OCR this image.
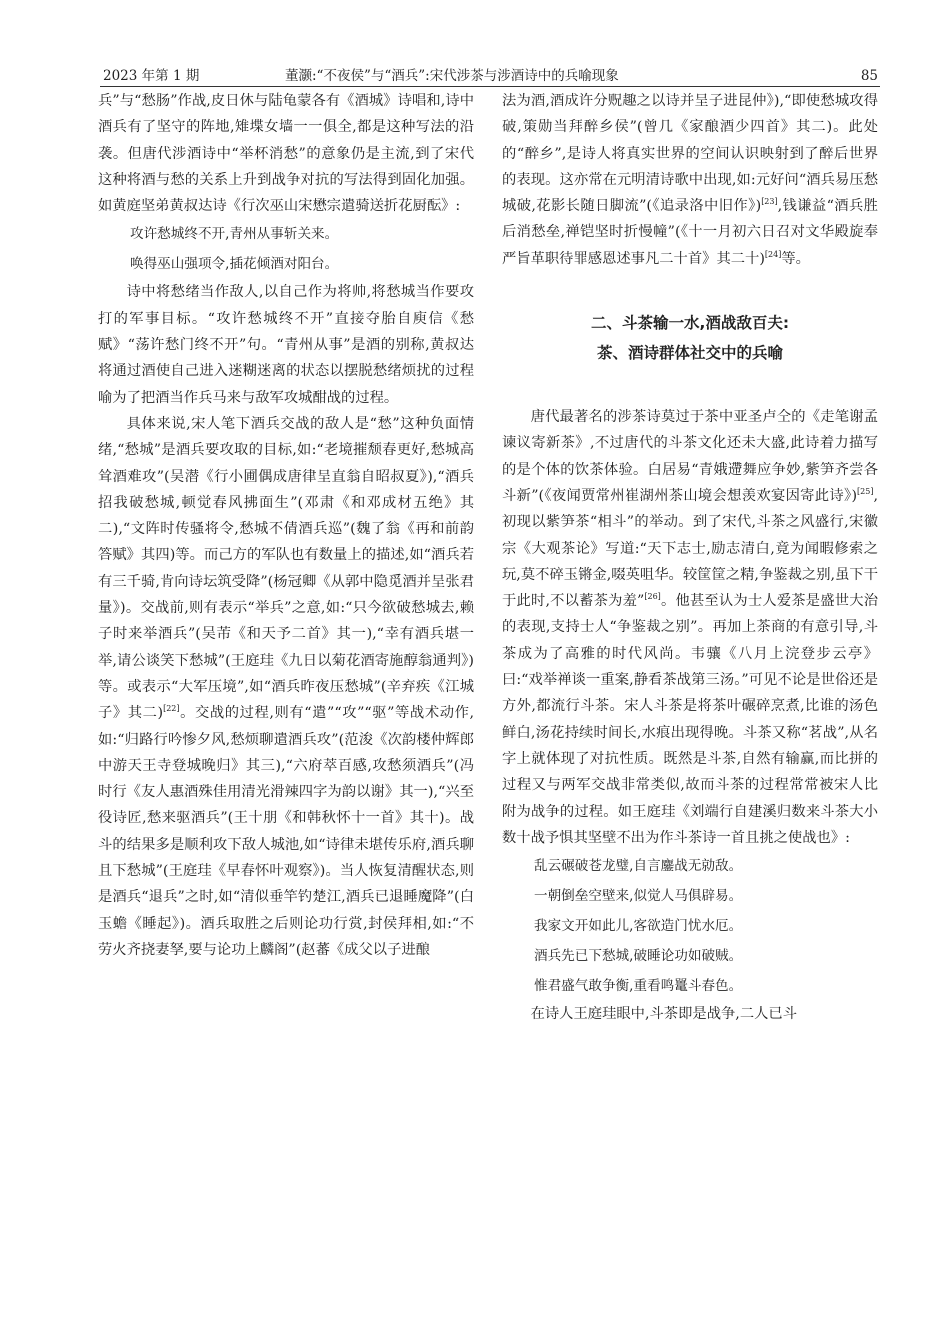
2023 年第 1 期	董灏:“不夜侯”与“酒兵”:宋代涉茶与涉酒诗中的兵喻现象	85

兵”与“愁肠”作战,皮日休与陆龟蒙各有《酒城》诗唱和,诗中酒兵有了坚守的阵地,雉堞女墙一一俱全,都是这种写法的沿袭。但唐代涉酒诗中“举杯消愁”的意象仍是主流,到了宋代这种将酒与愁的关系上升到战争对抗的写法得到固化加强。如黄庭坚弟黄叔达诗《行次巫山宋懋宗遣骑送折花厨酝》:

攻许愁城终不开,青州从事斩关来。
唤得巫山强项令,插花倾酒对阳台。

诗中将愁绪当作敌人,以自己作为将帅,将愁城当作要攻打的军事目标。“攻许愁城终不开”直接夺胎自庾信《愁赋》“荡许愁门终不开”句。“青州从事”是酒的别称,黄叔达将通过酒使自己进入迷糊迷离的状态以摆脱愁绪烦扰的过程喻为了把酒当作兵马来与敌军攻城酣战的过程。

具体来说,宋人笔下酒兵交战的敌人是“愁”这种负面情绪,“愁城”是酒兵要攻取的目标,如:“老境摧颓春更好,愁城高耸酒难攻”(吴潜《行小圃偶成唐律呈直翁自昭叔夏》),“酒兵招我破愁城,顿觉春风拂面生”(邓肃《和邓成材五绝》其二),“文阵时传骚将令,愁城不倩酒兵巡”(魏了翁《再和前韵答赋》其四)等。而己方的军队也有数量上的描述,如“酒兵若有三千骑,肯向诗坛筑受降”(杨冠卿《从郭中隐觅酒并呈张君量》)。交战前,则有表示“举兵”之意,如:“只今欲破愁城去,赖子时来举酒兵”(吴芾《和天予二首》其一),“幸有酒兵堪一举,请公谈笑下愁城”(王庭珪《九日以菊花酒寄施醇翁通判》)等。或表示“大军压境”,如“酒兵昨夜压愁城”(辛弃疾《江城子》其二)[22]。交战的过程,则有“遣”“攻”“驱”等战术动作,如:“归路行吟惨夕风,愁烦聊遣酒兵攻”(范浚《次韵楼仲辉郎中游天王寺登城晚归》其三),“六府萃百感,攻愁须酒兵”(冯时行《友人惠酒殊佳用清光滑辣四字为韵以谢》其一),“兴至役诗匠,愁来驱酒兵”(王十朋《和韩秋怀十一首》其十)。战斗的结果多是顺利攻下敌人城池,如“诗律未堪传乐府,酒兵聊且下愁城”(王庭珪《早春怀叶观察》)。当人恢复清醒状态,则是酒兵“退兵”之时,如“清似垂竿钓楚江,酒兵已退睡魔降”(白玉蟾《睡起》)。酒兵取胜之后则论功行赏,封侯拜相,如:“不劳火齐挠妻孥,要与论功上麟阁”(赵蕃《成父以子进酿

法为酒,酒成许分贶趣之以诗并呈子进昆仲》),“即使愁城攻得破,策勋当拜醉乡侯”(曾几《家酿酒少四首》其二)。此处的“醉乡”,是诗人将真实世界的空间认识映射到了醉后世界的表现。这亦常在元明清诗歌中出现,如:元好问“酒兵易压愁城破,花影长随日脚流”(《追录洛中旧作》)[23],钱谦益“酒兵胜后消愁垒,禅铠坚时折慢幢”(《十一月初六日召对文华殿旋奉严旨革职待罪感恩述事凡二十首》其二十)[24]等。

二、斗茶输一水,酒战敌百夫:
茶、酒诗群体社交中的兵喻

唐代最著名的涉茶诗莫过于茶中亚圣卢仝的《走笔谢孟谏议寄新茶》,不过唐代的斗茶文化还未大盛,此诗着力描写的是个体的饮茶体验。白居易“青娥遰舞应争妙,紫笋齐尝各斗新”(《夜闻贾常州崔湖州茶山境会想羡欢宴因寄此诗》)[25],初现以紫笋茶“相斗”的举动。到了宋代,斗茶之风盛行,宋徽宗《大观茶论》写道:“天下志士,励志清白,竟为闻暇修索之玩,莫不碎玉锵金,啜英咀华。较筐筐之精,争鉴裁之别,虽下干于此时,不以蓄茶为羞”[26]。他甚至认为士人爱茶是盛世大治的表现,支持士人“争鉴裁之别”。再加上茶商的有意引导,斗茶成为了高雅的时代风尚。韦骧《八月上浣登步云亭》曰:“戏举禅谈一重案,静看茶战第三汤。”可见不论是世俗还是方外,都流行斗茶。宋人斗茶是将茶叶碾碎烹煮,比谁的汤色鲜白,汤花持续时间长,水痕出现得晚。斗茶又称“茗战”,从名字上就体现了对抗性质。既然是斗茶,自然有输赢,而比拼的过程又与两军交战非常类似,故而斗茶的过程常常被宋人比附为战争的过程。如王庭珪《刘端行自建溪归数来斗茶大小数十战予惧其坚壁不出为作斗茶诗一首且挑之使战也》:

乱云碾破苍龙璧,自言鏖战无勍敌。
一朝倒垒空壁来,似觉人马俱辟易。
我家文开如此儿,客欲造门忧水厄。
酒兵先已下愁城,破睡论功如破贼。
惟君盛气敢争衡,重看鸣鼍斗春色。

在诗人王庭珪眼中,斗茶即是战争,二人已斗
